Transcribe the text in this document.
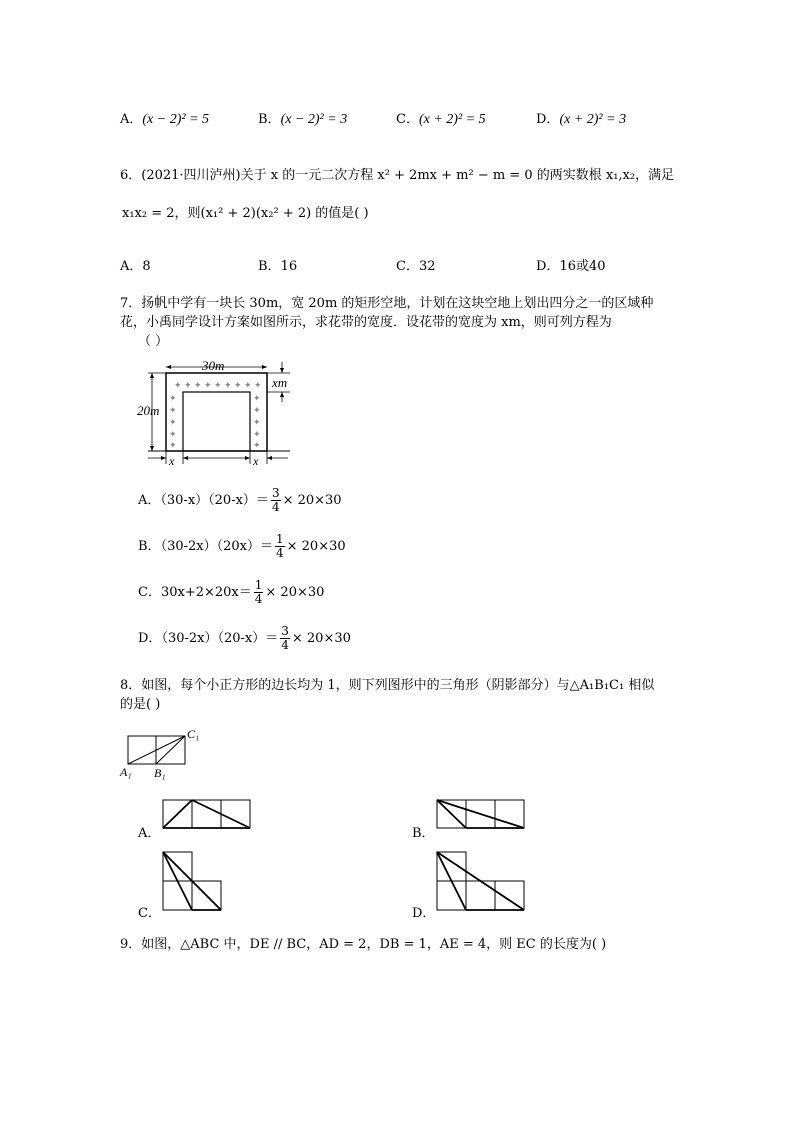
A．(x − 2)² = 5	B．(x − 2)² = 3	C．(x + 2)² = 5	D．(x + 2)² = 3
6．(2021·四川泸州)关于 x 的一元二次方程 x² + 2mx + m² − m = 0 的两实数根 x₁,x₂，满足
x₁x₂ = 2，则(x₁² + 2)(x₂² + 2) 的值是( )
A．8	B．16	C．32	D．16或40
7．扬帆中学有一块长 30m，宽 20m 的矩形空地，计划在这块空地上划出四分之一的区域种
花，小禹同学设计方案如图所示，求花带的宽度．设花带的宽度为 xm，则可列方程为
（ ）
30m
20m
xm
x	x
✦ ✦ ✦ ✦ ✦ ✦ ✦ ✦ ✦
✦
✦
✦
✦
✦
✦
✦
✦
✦
✦
A．$(30-x)(20-x)= \frac{3}{4} \times 20\times 30$
B．$(30-2x)(20x)= \frac{1}{4} \times 20\times 30$
C．$30x+2\times 20x= \frac{1}{4} \times 20\times 30$
D．$(30-2x)(20-x)= \frac{3}{4} \times 20\times 30$
8．如图，每个小正方形的边长均为 1，则下列图形中的三角形（阴影部分）与△A₁B₁C₁ 相似
的是( )
C₁
A₁ B₁
A．	B．
C．	D．
9．如图，△ABC 中，DE // BC，AD = 2，DB = 1，AE = 4，则 EC 的长度为( )
